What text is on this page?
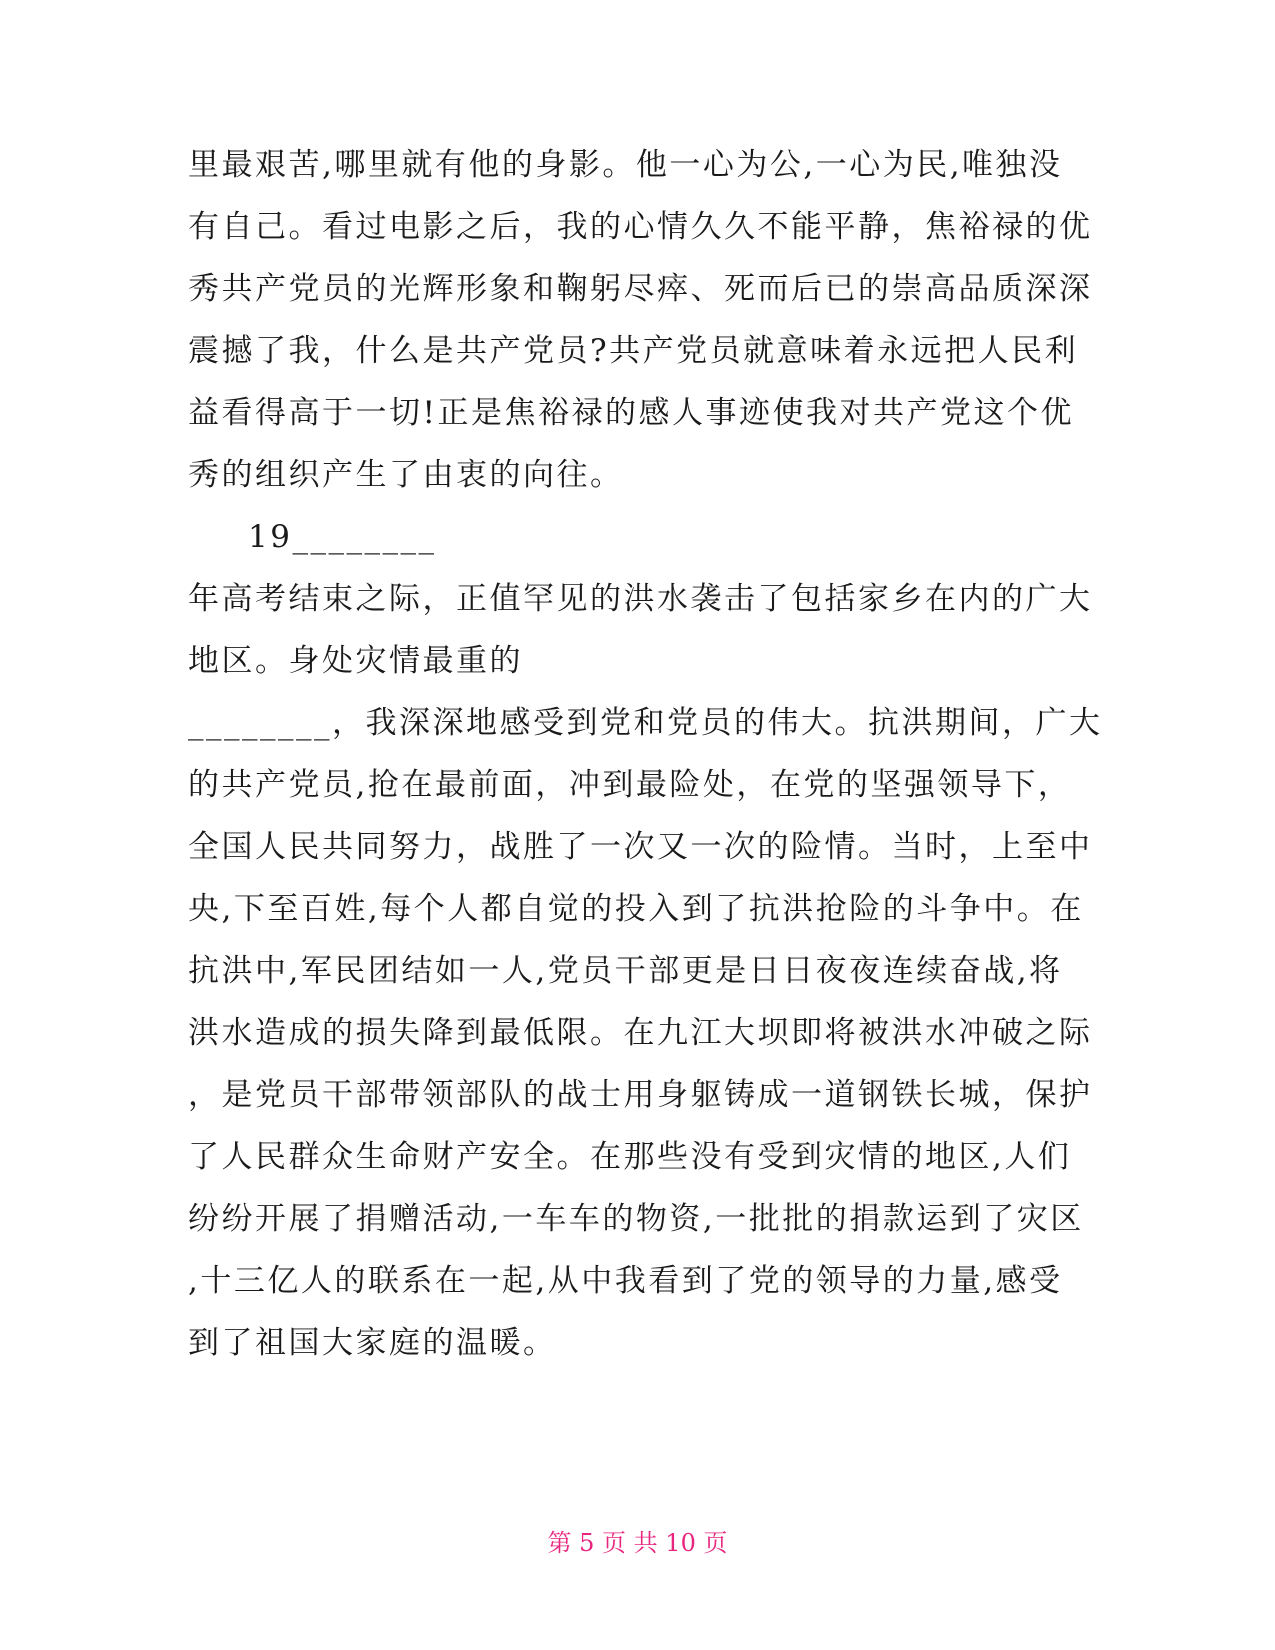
里最艰苦,哪里就有他的身影。他一心为公,一心为民,唯独没
有自己。看过电影之后，我的心情久久不能平静，焦裕禄的优
秀共产党员的光辉形象和鞠躬尽瘁、死而后已的崇高品质深深
震撼了我，什么是共产党员?共产党员就意味着永远把人民利
益看得高于一切!正是焦裕禄的感人事迹使我对共产党这个优
秀的组织产生了由衷的向往。
19________
年高考结束之际，正值罕见的洪水袭击了包括家乡在内的广大
地区。身处灾情最重的
________，我深深地感受到党和党员的伟大。抗洪期间，广大
的共产党员,抢在最前面，冲到最险处，在党的坚强领导下，
全国人民共同努力，战胜了一次又一次的险情。当时，上至中
央,下至百姓,每个人都自觉的投入到了抗洪抢险的斗争中。在
抗洪中,军民团结如一人,党员干部更是日日夜夜连续奋战,将
洪水造成的损失降到最低限。在九江大坝即将被洪水冲破之际
，是党员干部带领部队的战士用身躯铸成一道钢铁长城，保护
了人民群众生命财产安全。在那些没有受到灾情的地区,人们
纷纷开展了捐赠活动,一车车的物资,一批批的捐款运到了灾区
,十三亿人的联系在一起,从中我看到了党的领导的力量,感受
到了祖国大家庭的温暖。
第 5 页 共 10 页
